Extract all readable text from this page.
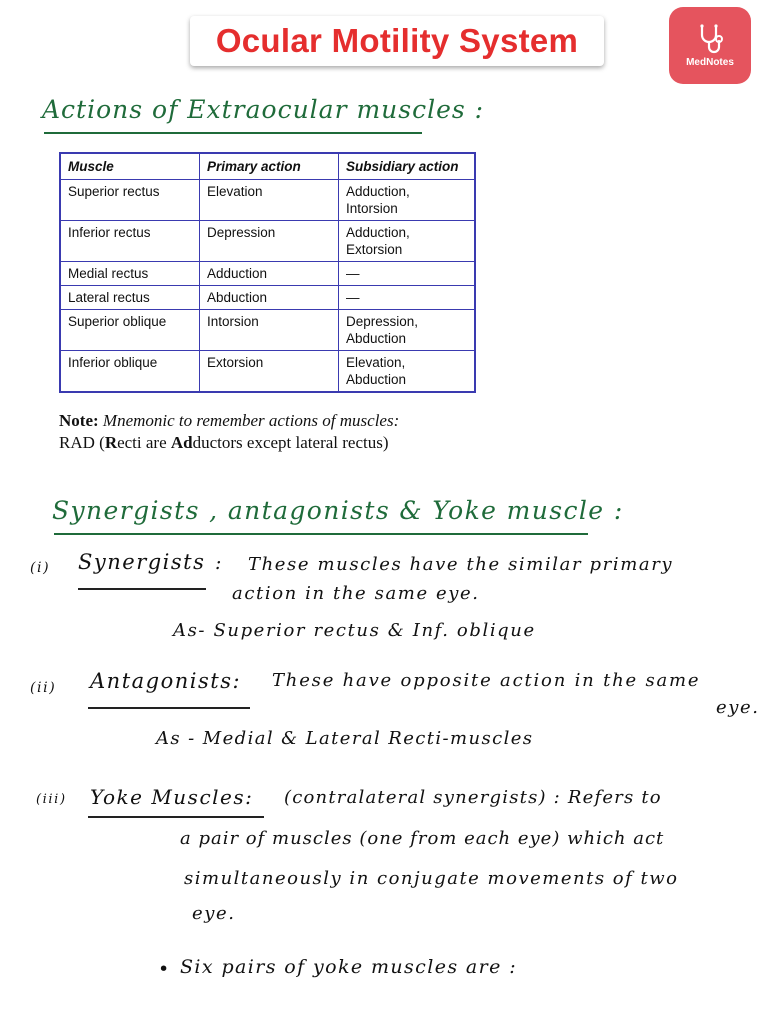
Ocular Motility System
MedNotes
Actions of Extraocular muscles :
Muscle	Primary action	Subsidiary action
Superior rectus	Elevation	Adduction,
Intorsion
Inferior rectus	Depression	Adduction,
Extorsion
Medial rectus	Adduction	—
Lateral rectus	Abduction	—
Superior oblique	Intorsion	Depression,
Abduction
Inferior oblique	Extorsion	Elevation,
Abduction
Note: Mnemonic to remember actions of muscles:
RAD (Recti are Adductors except lateral rectus)
Synergists , antagonists & Yoke muscle :
(i) Synergists : These muscles have the similar primary
action in the same eye.
As- Superior rectus & Inf. oblique
(ii) Antagonists: These have opposite action in the same
eye.
As - Medial & Lateral Recti-muscles
(iii) Yoke Muscles: (contralateral synergists) : Refers to
a pair of muscles (one from each eye) which act
simultaneously in conjugate movements of two
eye.
• Six pairs of yoke muscles are :
